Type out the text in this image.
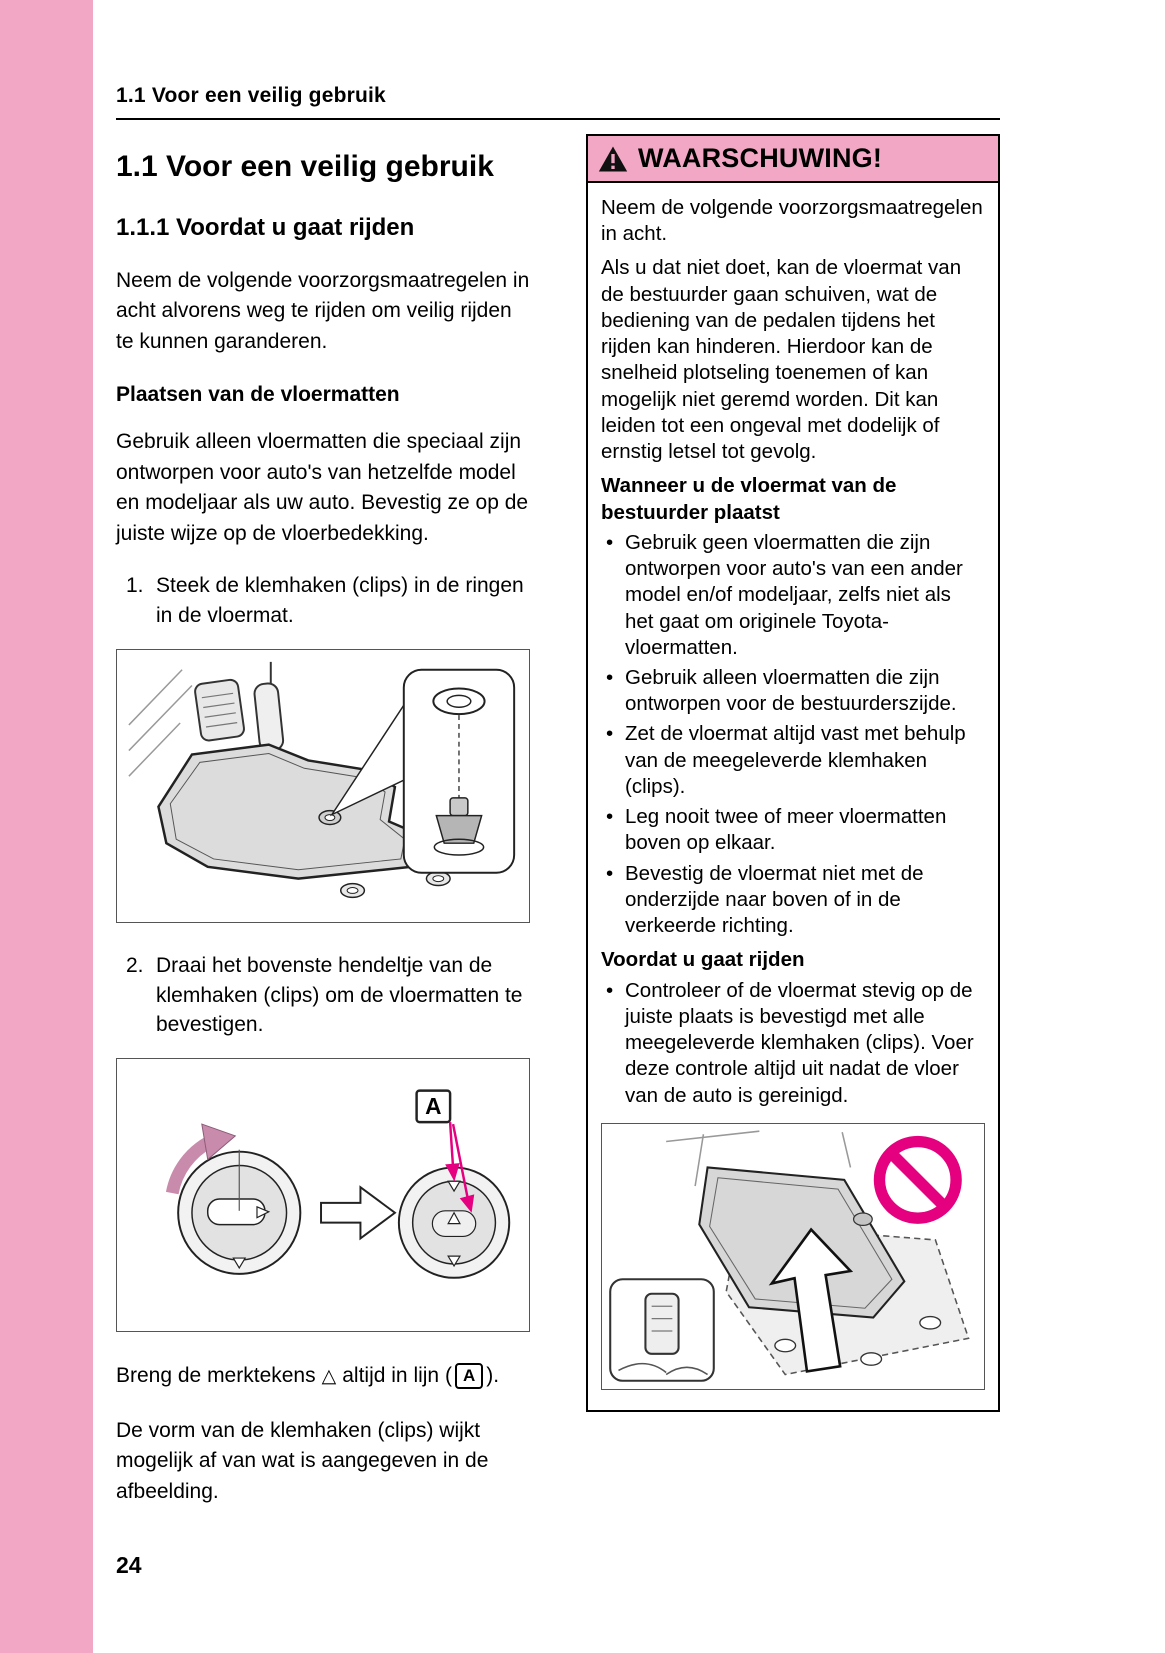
1.1 Voor een veilig gebruik
1.1 Voor een veilig gebruik
1.1.1 Voordat u gaat rijden

Neem de volgende voorzorgsmaatregelen in acht alvorens weg te rijden om veilig rijden te kunnen garanderen.

Plaatsen van de vloermatten

Gebruik alleen vloermatten die speciaal zijn ontworpen voor auto's van hetzelfde model en modeljaar als uw auto. Bevestig ze op de juiste wijze op de vloerbedekking.

1. Steek de klemhaken (clips) in de ringen in de vloermat.
2. Draai het bovenste hendeltje van de klemhaken (clips) om de vloermatten te bevestigen.
A
Breng de merktekens △ altijd in lijn ( A ).

De vorm van de klemhaken (clips) wijkt mogelijk af van wat is aangegeven in de afbeelding.

WAARSCHUWING!

Neem de volgende voorzorgsmaatregelen in acht.

Als u dat niet doet, kan de vloermat van de bestuurder gaan schuiven, wat de bediening van de pedalen tijdens het rijden kan hinderen. Hierdoor kan de snelheid plotseling toenemen of kan mogelijk niet geremd worden. Dit kan leiden tot een ongeval met dodelijk of ernstig letsel tot gevolg.

Wanneer u de vloermat van de bestuurder plaatst
• Gebruik geen vloermatten die zijn ontworpen voor auto's van een ander model en/of modeljaar, zelfs niet als het gaat om originele Toyota-vloermatten.
• Gebruik alleen vloermatten die zijn ontworpen voor de bestuurderszijde.
• Zet de vloermat altijd vast met behulp van de meegeleverde klemhaken (clips).
• Leg nooit twee of meer vloermatten boven op elkaar.
• Bevestig de vloermat niet met de onderzijde naar boven of in de verkeerde richting.
Voordat u gaat rijden
• Controleer of de vloermat stevig op de juiste plaats is bevestigd met alle meegeleverde klemhaken (clips). Voer deze controle altijd uit nadat de vloer van de auto is gereinigd.
24
